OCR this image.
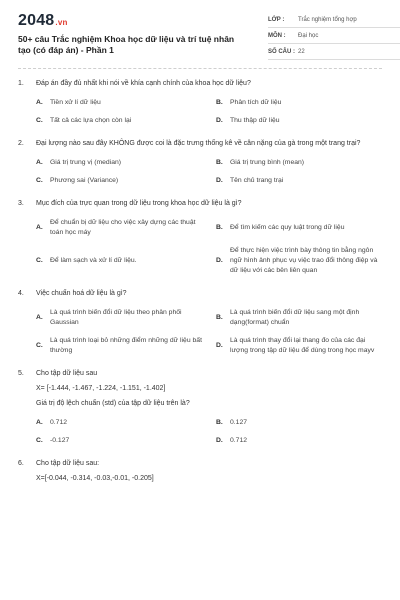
2048.vn
50+ câu Trắc nghiệm Khoa học dữ liệu và trí tuệ nhân tạo (có đáp án) - Phần 1
LỚP :	Trắc nghiệm tổng hợp
MÔN :	Đại học
SỐ CÂU : 22
1.	Đáp án đầy đủ nhất khi nói về khía cạnh chính của khoa học dữ liệu?
A.	Tiền xử lí dữ liệu	B.	Phân tích dữ liệu
C.	Tất cả các lựa chọn còn lại	D.	Thu thập dữ liệu
2.	Đại lượng nào sau đây KHÔNG được coi là đặc trưng thống kê về cân nặng của gà trong một trang trại?
A.	Giá trị trung vị (median)	B.	Giá trị trung bình (mean)
C.	Phương sai (Variance)	D.	Tên chủ trang trại
3.	Mục đích của trực quan trong dữ liệu trong khoa học dữ liệu là gì?
A.
Để chuẩn bị dữ liệu cho việc xây dựng các thuật toán học máy
B.	Để tìm kiếm các quy luật trong dữ liệu
C.	Để làm sạch và xử lí dữ liệu.	D.
Để thực hiện việc trình bày thông tin bằng ngôn ngữ hình ảnh phục vụ việc trao đổi thông điệp và dữ liệu với các bên liên quan
4.	Việc chuẩn hoá dữ liệu là gì?
A.
Là quá trình biến đổi dữ liệu theo phân phối Gaussian
B.
Là quá trình biến đổi dữ liệu sang một định dạng(format) chuẩn
C.
Là quá trình loại bỏ những điểm những dữ liệu bất thường
D.
Là quá trình thay đổi lại thang đo của các đại lượng trong tập dữ liệu để dùng trong học mayv
5.	Cho tập dữ liệu sau
X= [-1.444, -1.467, -1.224, -1.151, -1.402]
Giá trị độ lệch chuẩn (std) của tập dữ liệu trên là?
A.	0.712	B.	0.127
C.	-0.127	D.	0.712
6.	Cho tập dữ liệu sau:
X=[-0.044, -0.314, -0.03,-0.01, -0.205]
